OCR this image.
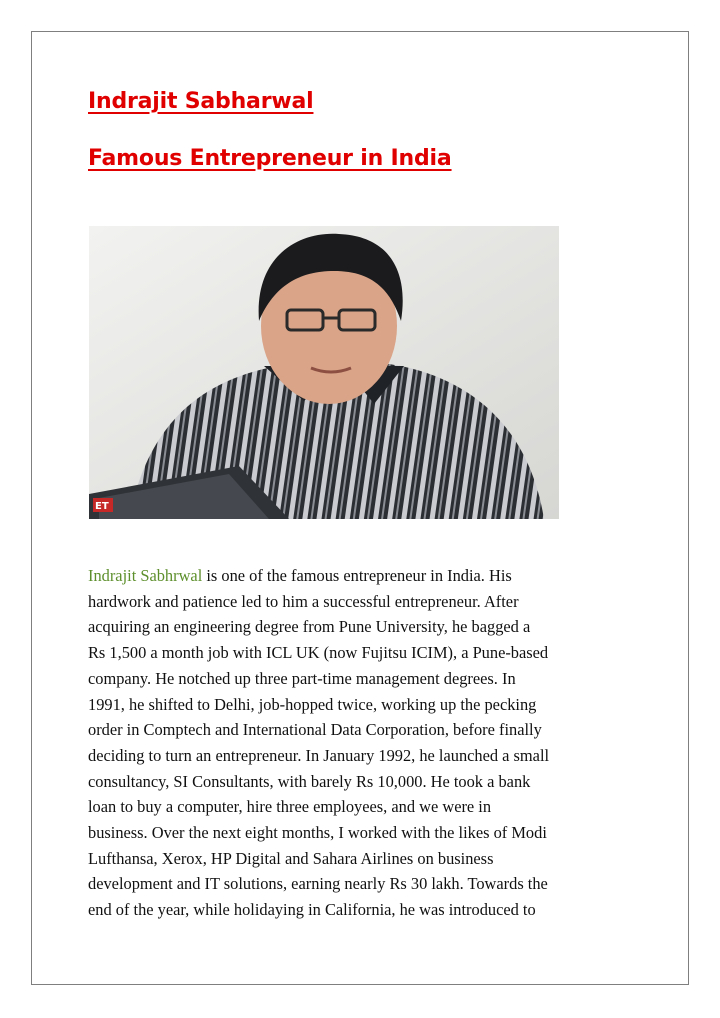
Indrajit Sabharwal
Famous Entrepreneur in India
ET

Indrajit Sabhrwal is one of the famous entrepreneur in India. His
hardwork and patience led to him a successful entrepreneur. After
acquiring an engineering degree from Pune University, he bagged a
Rs 1,500 a month job with ICL UK (now Fujitsu ICIM), a Pune-based
company. He notched up three part-time management degrees. In
1991, he shifted to Delhi, job-hopped twice, working up the pecking
order in Comptech and International Data Corporation, before finally
deciding to turn an entrepreneur. In January 1992, he launched a small
consultancy, SI Consultants, with barely Rs 10,000. He took a bank
loan to buy a computer, hire three employees, and we were in
business. Over the next eight months, I worked with the likes of Modi
Lufthansa, Xerox, HP Digital and Sahara Airlines on business
development and IT solutions, earning nearly Rs 30 lakh. Towards the
end of the year, while holidaying in California, he was introduced to
